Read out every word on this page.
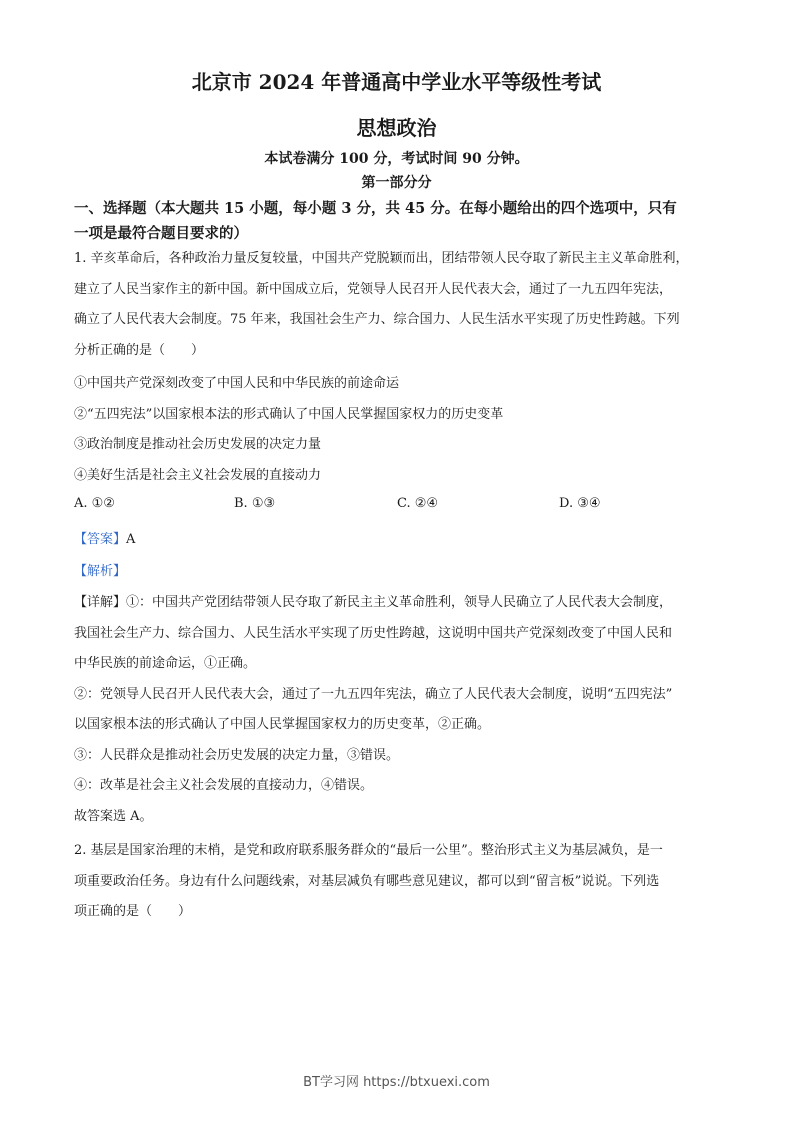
北京市 2024 年普通高中学业水平等级性考试
思想政治
本试卷满分 100 分，考试时间 90 分钟。
第一部分分
一、选择题（本大题共 15 小题，每小题 3 分，共 45 分。在每小题给出的四个选项中，只有
一项是最符合题目要求的）

1. 辛亥革命后，各种政治力量反复较量，中国共产党脱颖而出，团结带领人民夺取了新民主主义革命胜利，

建立了人民当家作主的新中国。新中国成立后，党领导人民召开人民代表大会，通过了一九五四年宪法，

确立了人民代表大会制度。75 年来，我国社会生产力、综合国力、人民生活水平实现了历史性跨越。下列

分析正确的是（　　）

①中国共产党深刻改变了中国人民和中华民族的前途命运

②“五四宪法”以国家根本法的形式确认了中国人民掌握国家权力的历史变革

③政治制度是推动社会历史发展的决定力量

④美好生活是社会主义社会发展的直接动力

A. ①②	B. ①③	C. ②④	D. ③④
【答案】A
【解析】

【详解】①：中国共产党团结带领人民夺取了新民主主义革命胜利，领导人民确立了人民代表大会制度，

我国社会生产力、综合国力、人民生活水平实现了历史性跨越，这说明中国共产党深刻改变了中国人民和

中华民族的前途命运，①正确。

②：党领导人民召开人民代表大会，通过了一九五四年宪法，确立了人民代表大会制度，说明“五四宪法”

以国家根本法的形式确认了中国人民掌握国家权力的历史变革，②正确。

③：人民群众是推动社会历史发展的决定力量，③错误。

④：改革是社会主义社会发展的直接动力，④错误。

故答案选 A。

2. 基层是国家治理的末梢，是党和政府联系服务群众的“最后一公里”。整治形式主义为基层减负，是一

项重要政治任务。身边有什么问题线索，对基层减负有哪些意见建议，都可以到“留言板”说说。下列选

项正确的是（　　）

BT学习网 https://btxuexi.com
